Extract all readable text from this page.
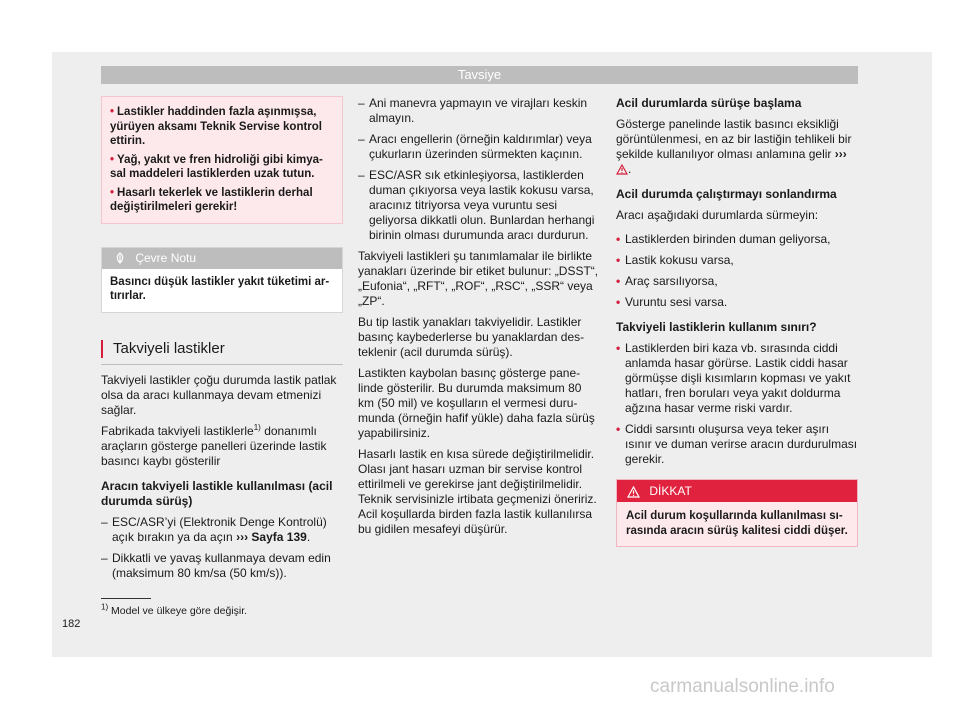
Tavsiye

• Lastikler haddinden fazla aşınmışsa, yürüyen aksamı Teknik Servise kontrol ettirin.

• Yağ, yakıt ve fren hidroliği gibi kimyasal maddeleri lastiklerden uzak tutun.

• Hasarlı tekerlek ve lastiklerin derhal değiştirilmeleri gerekir!

Çevre Notu
Basıncı düşük lastikler yakıt tüketimi artırırlar.
Takviyeli lastikler

Takviyeli lastikler çoğu durumda lastik patlak olsa da aracı kullanmaya devam etmenizi sağlar.

Fabrikada takviyeli lastiklerle$^{1)}$ donanımlı araçların gösterge panelleri üzerinde lastik basıncı kaybı gösterilir

Aracın takviyeli lastikle kullanılması (acil durumda sürüş)

– ESC/ASR’yi (Elektronik Denge Kontrolü) açık bırakın ya da açın ››› Sayfa 139.
– Dikkatli ve yavaş kullanmaya devam edin (maksimum 80 km/sa (50 km/s)).
– Ani manevra yapmayın ve virajları keskin almayın.
– Aracı engellerin (örneğin kaldırımlar) veya çukurların üzerinden sürmekten kaçının.
– ESC/ASR sık etkinleşiyorsa, lastiklerden duman çıkıyorsa veya lastik kokusu varsa, aracınız titriyorsa veya vuruntu sesi geliyorsa dikkatli olun. Bunlardan herhangi birinin olması durumunda aracı durdurun.

Takviyeli lastikleri şu tanımlamalar ile birlikte yanakları üzerinde bir etiket bulunur: „DSST“, „Eufonia“, „RFT“, „ROF“, „RSC“, „SSR“ veya „ZP“.

Bu tip lastik yanakları takviyelidir. Lastikler basınç kaybederlerse bu yanaklardan desteklenir (acil durumda sürüş).

Lastikten kaybolan basınç gösterge panelinde gösterilir. Bu durumda maksimum 80 km (50 mil) ve koşulların el vermesi durumunda (örneğin hafif yükle) daha fazla sürüş yapabilirsiniz.

Hasarlı lastik en kısa sürede değiştirilmelidir. Olası jant hasarı uzman bir servise kontrol ettirilmeli ve gerekirse jant değiştirilmelidir. Teknik servisinizle irtibata geçmenizi öneririz. Acil koşullarda birden fazla lastik kullanılırsa bu gidilen mesafeyi düşürür.

Acil durumlarda sürüşe başlama

Gösterge panelinde lastik basıncı eksikliği görüntülenmesi, en az bir lastiğin tehlikeli bir şekilde kullanılıyor olması anlamına gelir ››› .

Acil durumda çalıştırmayı sonlandırma

Aracı aşağıdaki durumlarda sürmeyin:

• Lastiklerden birinden duman geliyorsa,
• Lastik kokusu varsa,
• Araç sarsılıyorsa,
• Vuruntu sesi varsa.

Takviyeli lastiklerin kullanım sınırı?

• Lastiklerden biri kaza vb. sırasında ciddi anlamda hasar görürse. Lastik ciddi hasar görmüşse dişli kısımların kopması ve yakıt hatları, fren boruları veya yakıt doldurma ağzına hasar verme riski vardır.
• Ciddi sarsıntı oluşursa veya teker aşırı ısınır ve duman verirse aracın durdurulması gerekir.
DİKKAT
Acil durum koşullarında kullanılması sırasında aracın sürüş kalitesi ciddi düşer.
$^{1)}$ Model ve ülkeye göre değişir.
182
carmanualsonline.info
